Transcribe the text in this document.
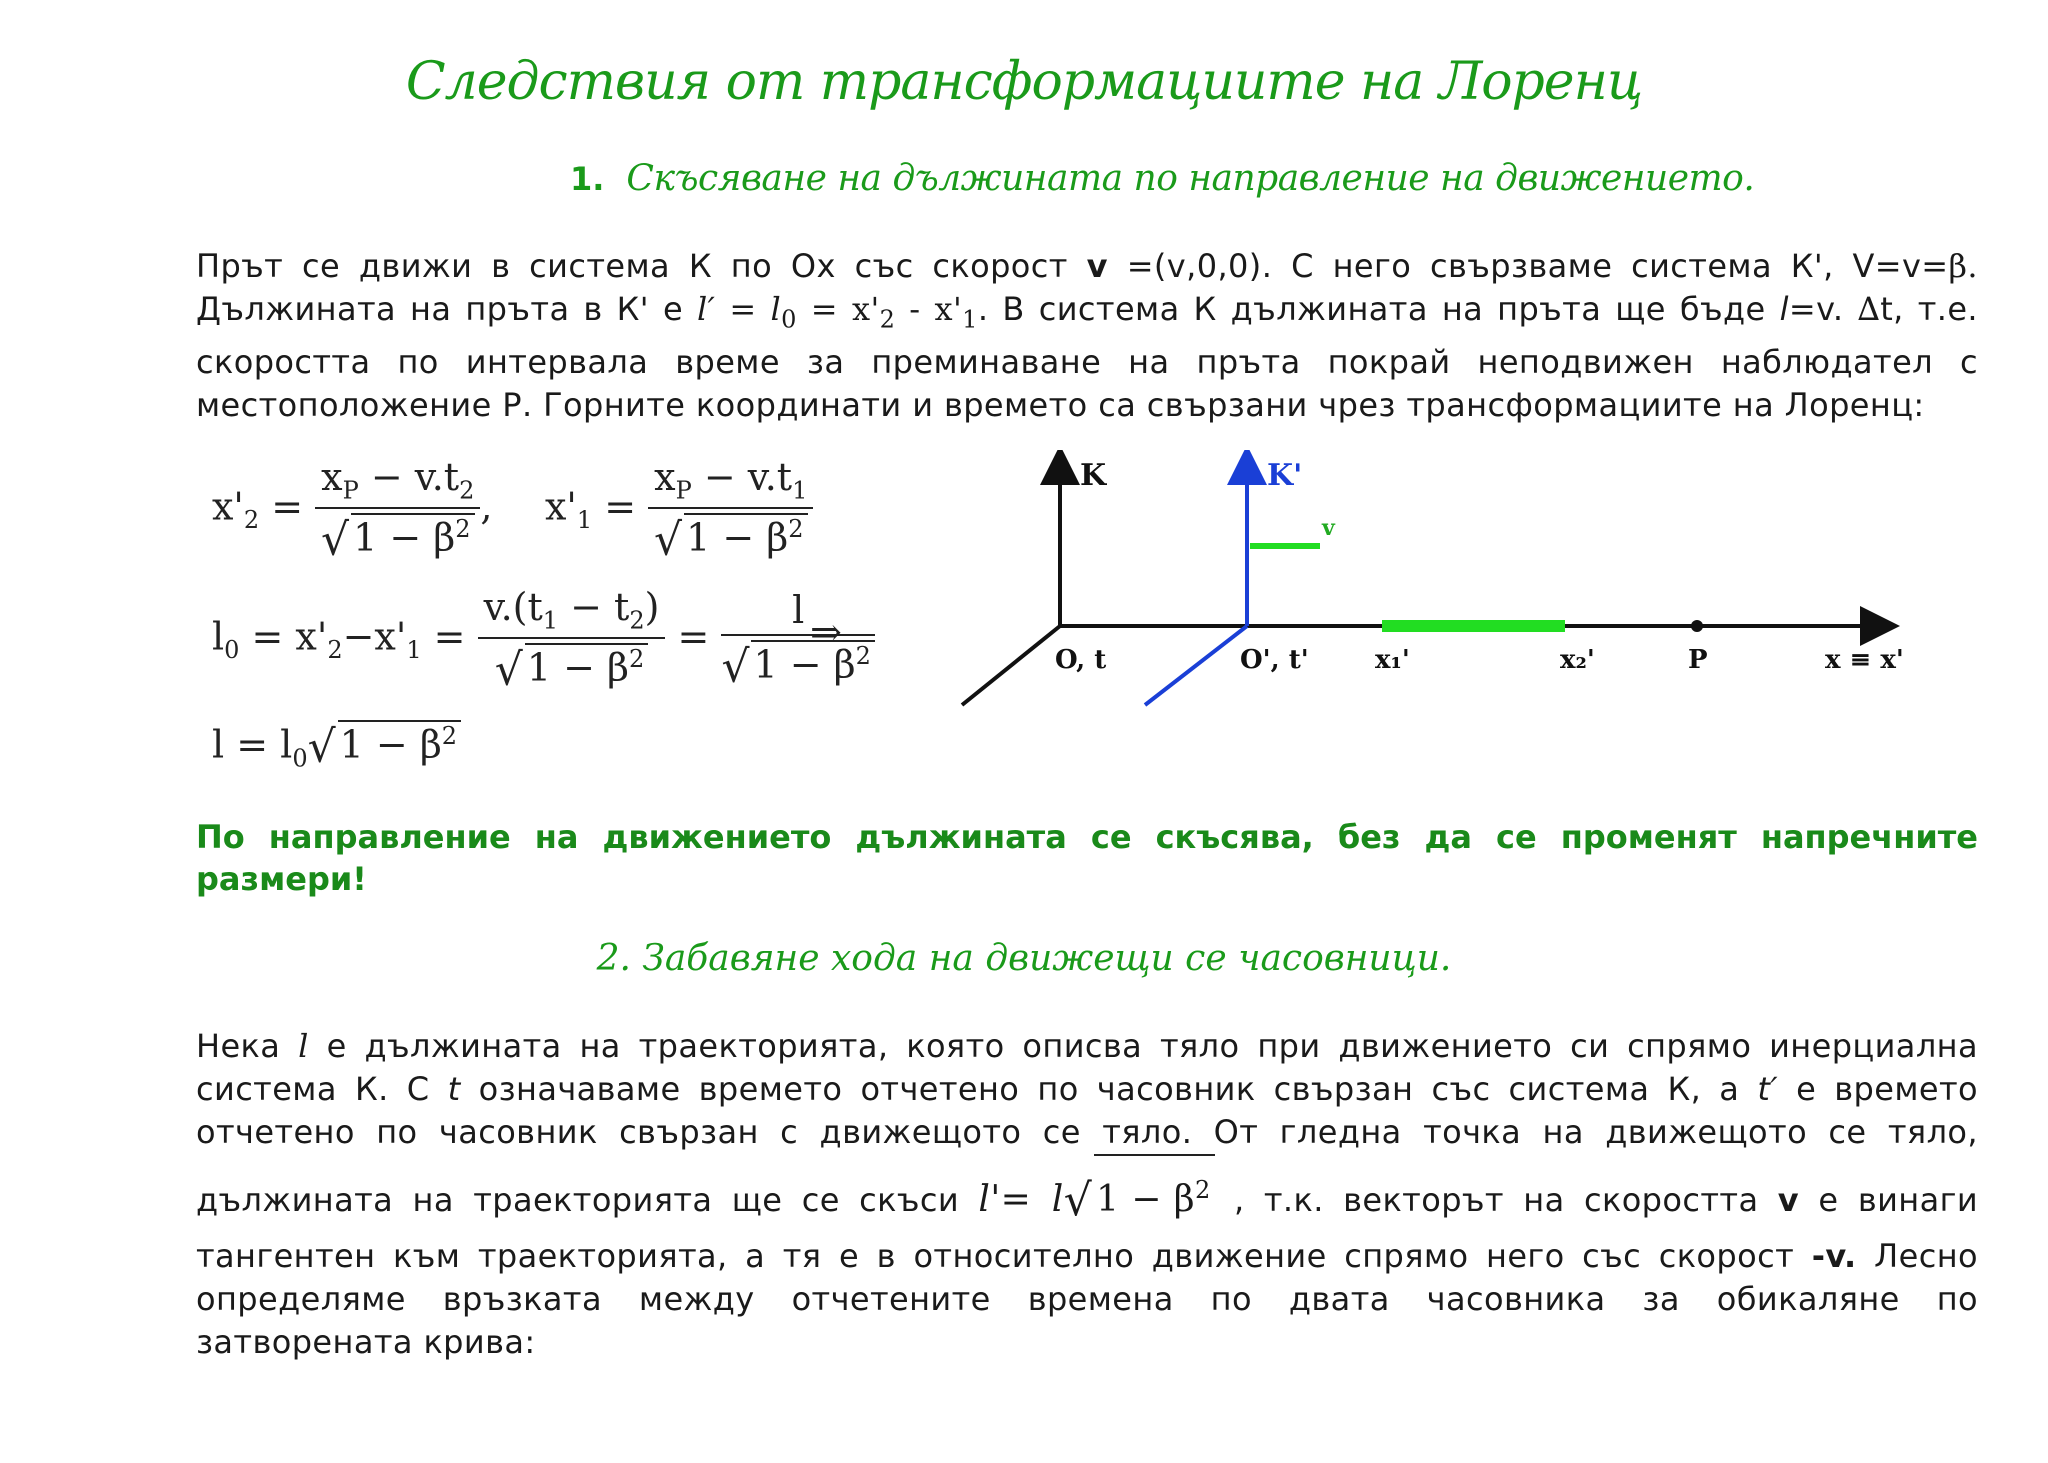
Следствия от трансформациите на Лоренц
1. Скъсяване на дължината по направление на движението.

Прът се движи в система К по Ох със скорост v =(v,0,0). С него свързваме система К', V=v=β.

Дължината на пръта в К' е $l' = l_0 = x'_2 - x'_1$. В система К дължината на пръта ще бъде l=v. ∆t, т.е.

скоростта по интервала време за преминаване на пръта покрай неподвижен наблюдател с

местоположение Р. Горните координати и времето са свързани чрез трансформациите на Лоренц:

$x'_2 = \frac{x_P - v.t_2}{√ 1 - \beta^2}$ , $x'_1 = \frac{x_P - v.t_1}{√ 1 - \beta^2}$
$l_0 = x'_2-x'_1 = \frac{v.(t_1 - t_2)}{√ 1 - \beta^2} = \frac{l}{√ 1 - \beta^2}$
⇒
$l = l_0√$ $1 - \beta^2$
K	K'
v
O, t	O', t'	x₁'	x₂'	P	x ≡ x'

По направление на движението дължината се скъсява, без да се променят напречните размери!

2. Забавяне хода на движещи се часовници.

Нека l е дължината на траекторията, която описва тяло при движението си спрямо инерциална

система К. С t означаваме времето отчетено по часовник свързан със система К, а t′ е времето

отчетено по часовник свързан с движещото се тяло. От гледна точка на движещото се тяло,

дължината на траекторията ще се скъси l'= l√ $1 - \beta^2$ , т.к. векторът на скоростта v е винаги

тангентен към траекторията, а тя е в относително движение спрямо него със скорост -v. Лесно

определяме връзката между отчетените времена по двата часовника за обикаляне по

затворената крива:
